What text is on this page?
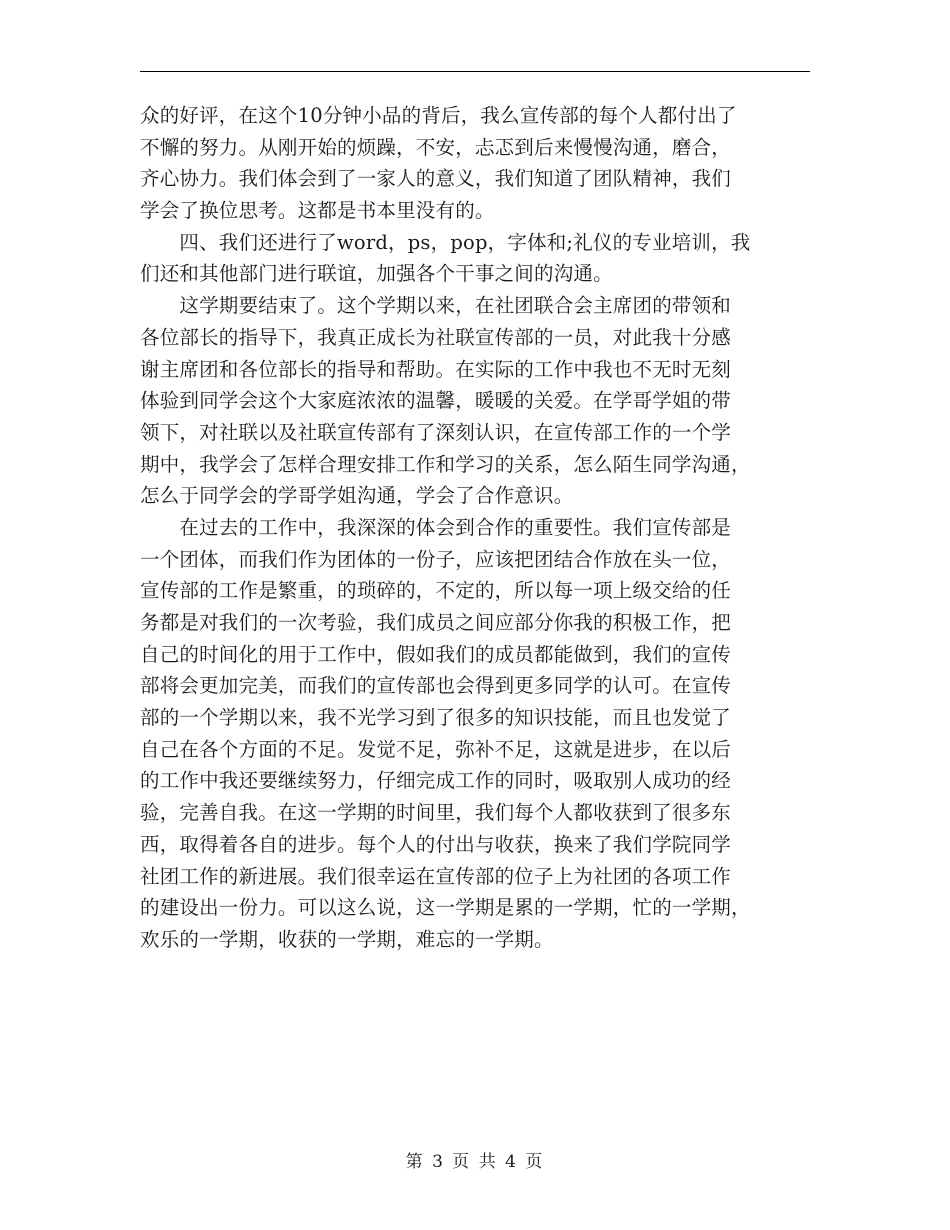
众的好评，在这个10分钟小品的背后，我么宣传部的每个人都付出了
不懈的努力。从刚开始的烦躁，不安，忐忑到后来慢慢沟通，磨合，
齐心协力。我们体会到了一家人的意义，我们知道了团队精神，我们
学会了换位思考。这都是书本里没有的。
　　四、我们还进行了word，ps，pop，字体和;礼仪的专业培训，我
们还和其他部门进行联谊，加强各个干事之间的沟通。
　　这学期要结束了。这个学期以来，在社团联合会主席团的带领和
各位部长的指导下，我真正成长为社联宣传部的一员，对此我十分感
谢主席团和各位部长的指导和帮助。在实际的工作中我也不无时无刻
体验到同学会这个大家庭浓浓的温馨，暖暖的关爱。在学哥学姐的带
领下，对社联以及社联宣传部有了深刻认识，在宣传部工作的一个学
期中，我学会了怎样合理安排工作和学习的关系，怎么陌生同学沟通，
怎么于同学会的学哥学姐沟通，学会了合作意识。
　　在过去的工作中，我深深的体会到合作的重要性。我们宣传部是
一个团体，而我们作为团体的一份子，应该把团结合作放在头一位，
宣传部的工作是繁重，的琐碎的，不定的，所以每一项上级交给的任
务都是对我们的一次考验，我们成员之间应部分你我的积极工作，把
自己的时间化的用于工作中，假如我们的成员都能做到，我们的宣传
部将会更加完美，而我们的宣传部也会得到更多同学的认可。在宣传
部的一个学期以来，我不光学习到了很多的知识技能，而且也发觉了
自己在各个方面的不足。发觉不足，弥补不足，这就是进步，在以后
的工作中我还要继续努力，仔细完成工作的同时，吸取别人成功的经
验，完善自我。在这一学期的时间里，我们每个人都收获到了很多东
西，取得着各自的进步。每个人的付出与收获，换来了我们学院同学
社团工作的新进展。我们很幸运在宣传部的位子上为社团的各项工作
的建设出一份力。可以这么说，这一学期是累的一学期，忙的一学期，
欢乐的一学期，收获的一学期，难忘的一学期。
第 3 页 共 4 页
